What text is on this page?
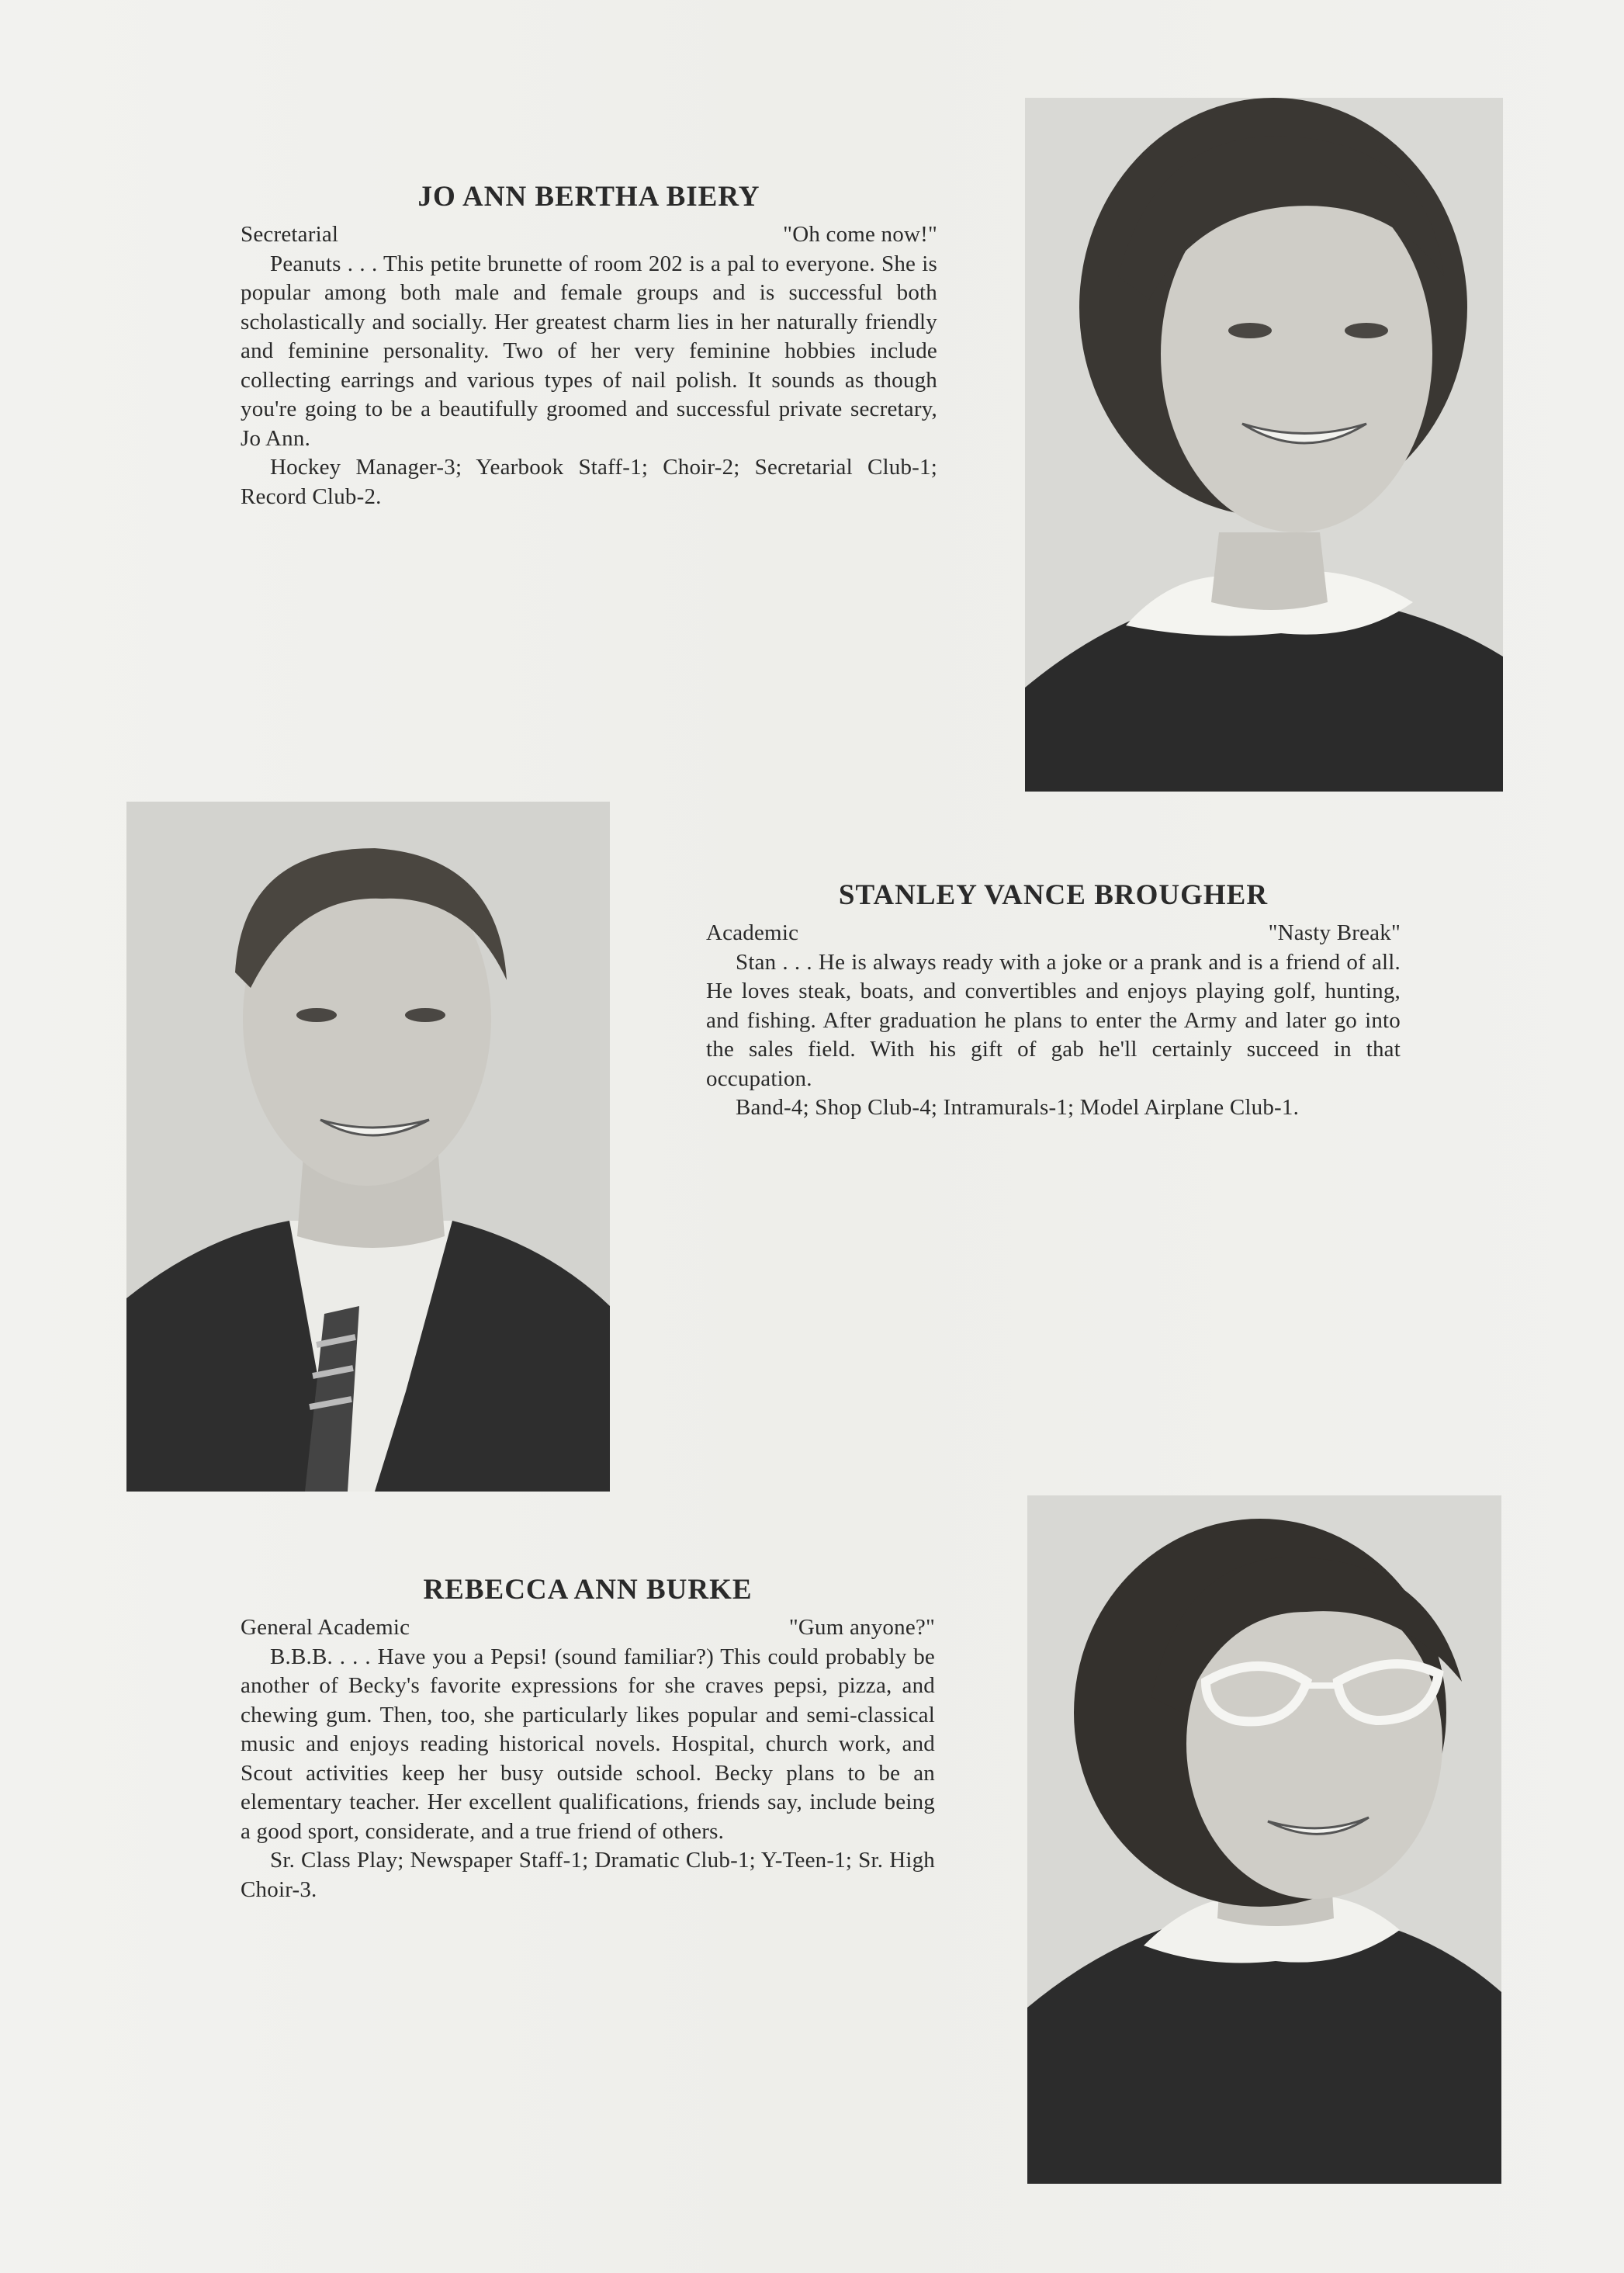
JO ANN BERTHA BIERY
Secretarial	"Oh come now!"

Peanuts . . . This petite brunette of room 202 is a pal to everyone. She is popular among both male and female groups and is successful both scholastically and socially. Her greatest charm lies in her naturally friendly and feminine personality. Two of her very feminine hobbies include collecting earrings and various types of nail polish. It sounds as though you're going to be a beautifully groomed and successful private secretary, Jo Ann.

Hockey Manager-3; Yearbook Staff-1; Choir-2; Secretarial Club-1; Record Club-2.

STANLEY VANCE BROUGHER
Academic	"Nasty Break"

Stan . . . He is always ready with a joke or a prank and is a friend of all. He loves steak, boats, and convertibles and enjoys playing golf, hunting, and fishing. After graduation he plans to enter the Army and later go into the sales field. With his gift of gab he'll certainly succeed in that occupation.

Band-4; Shop Club-4; Intramurals-1; Model Airplane Club-1.

REBECCA ANN BURKE
General Academic	"Gum anyone?"

B.B.B. . . . Have you a Pepsi! (sound familiar?) This could probably be another of Becky's favorite expressions for she craves pepsi, pizza, and chewing gum. Then, too, she particularly likes popular and semi-classical music and enjoys reading historical novels. Hospital, church work, and Scout activities keep her busy outside school. Becky plans to be an elementary teacher. Her excellent qualifications, friends say, include being a good sport, considerate, and a true friend of others.

Sr. Class Play; Newspaper Staff-1; Dramatic Club-1; Y-Teen-1; Sr. High Choir-3.
